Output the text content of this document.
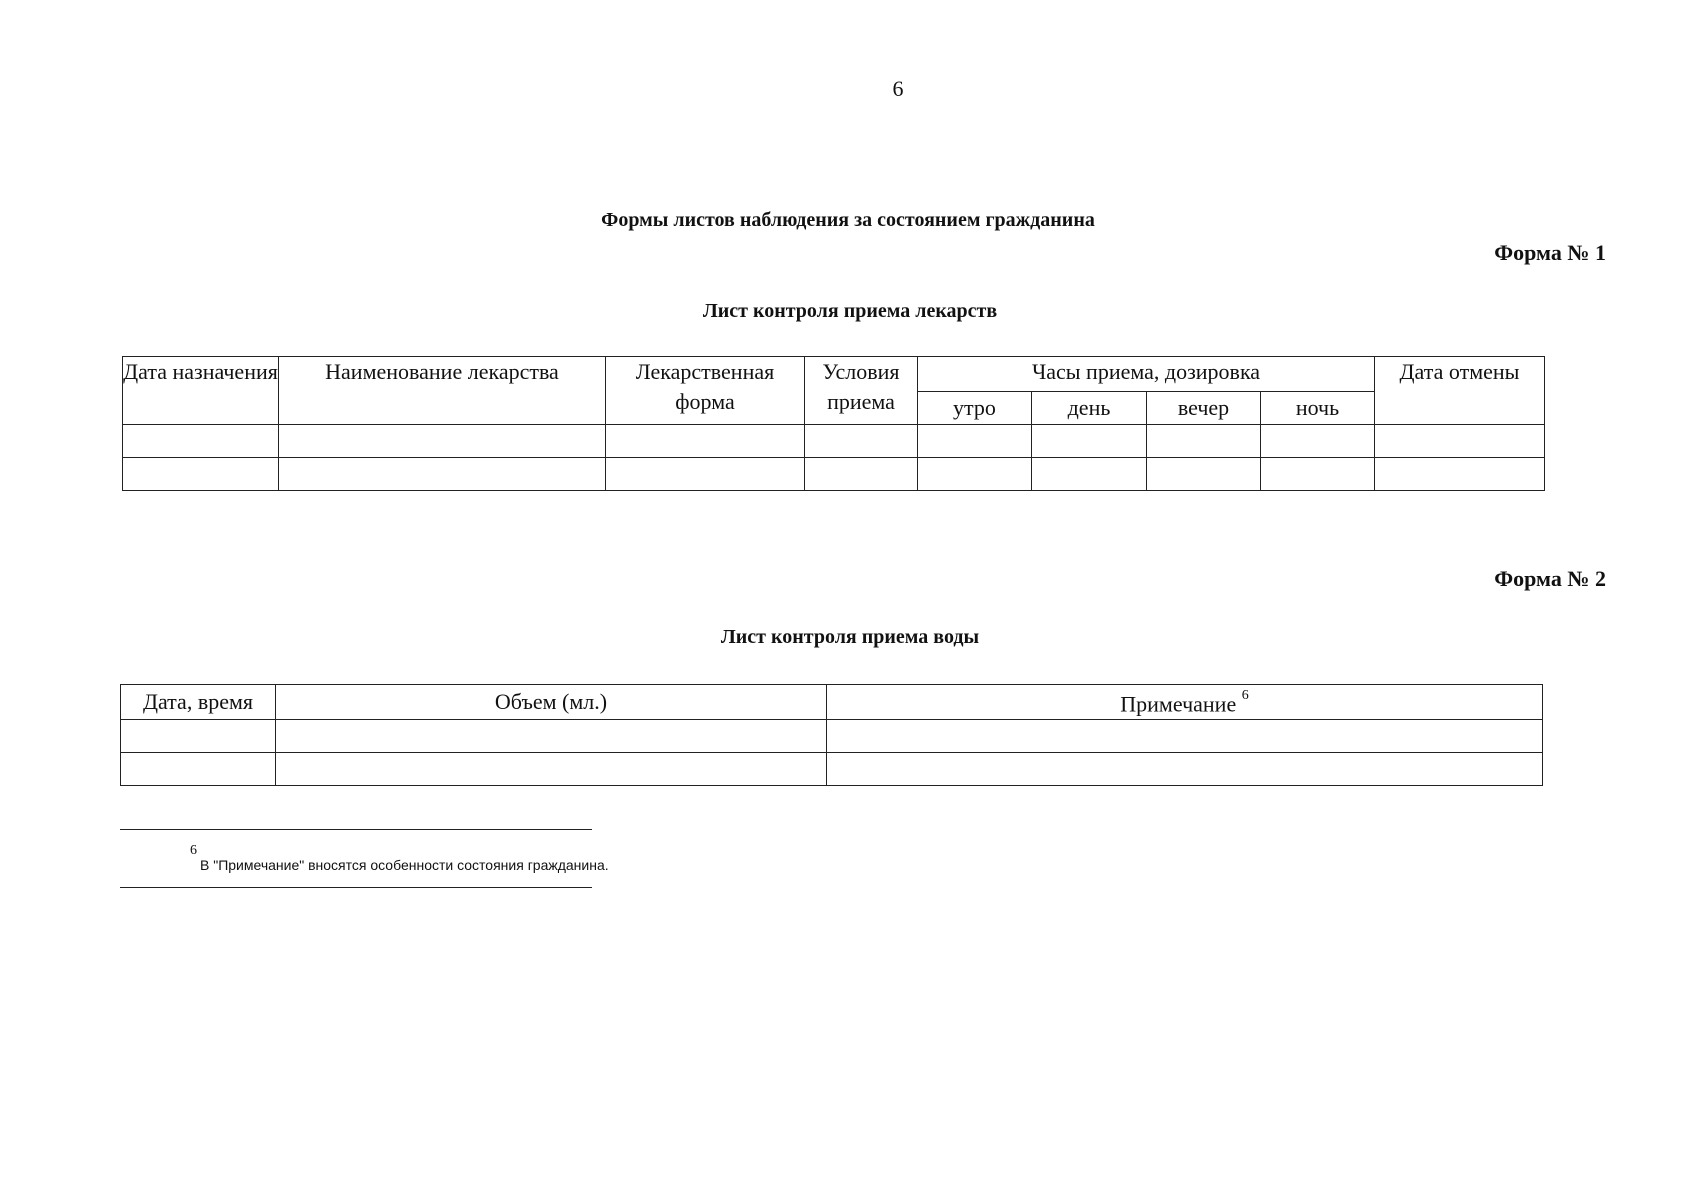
6
Формы листов наблюдения за состоянием гражданина
Форма № 1
Лист контроля приема лекарств
Дата назначения	Наименование лекарства	Лекарственная форма	Условия приема	Часы приема, дозировка				Дата отмены
				утро	день	вечер	ночь	

Форма № 2
Лист контроля приема воды
Дата, время	Объем (мл.)	Примечание $^6$

6
В "Примечание" вносятся особенности состояния гражданина.
